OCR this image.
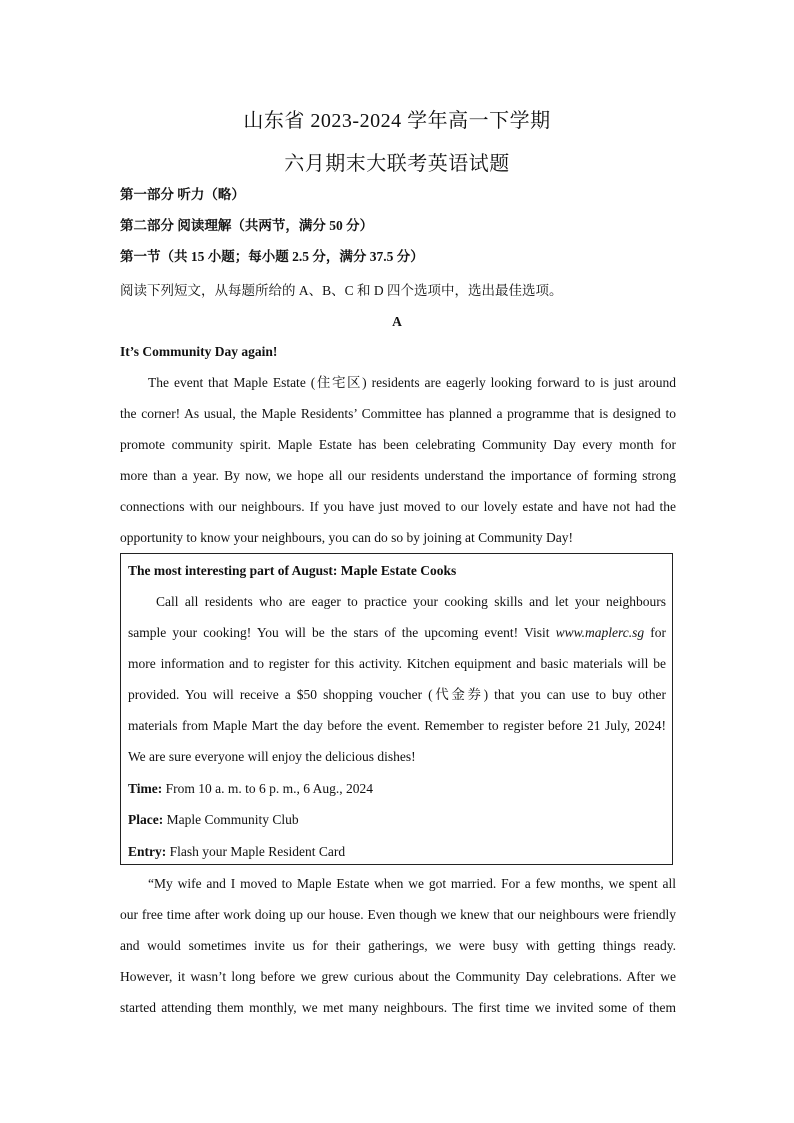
山东省 2023-2024 学年高一下学期
六月期末大联考英语试题
第一部分 听力（略）
第二部分 阅读理解（共两节，满分 50 分）
第一节（共 15 小题；每小题 2.5 分，满分 37.5 分）
阅读下列短文，从每题所给的 A、B、C 和 D 四个选项中，选出最佳选项。
A
It’s Community Day again!
The event that Maple Estate (住宅区) residents are eagerly looking forward to is just around
the corner! As usual, the Maple Residents’ Committee has planned a programme that is designed to
promote community spirit. Maple Estate has been celebrating Community Day every month for
more than a year. By now, we hope all our residents understand the importance of forming strong
connections with our neighbours. If you have just moved to our lovely estate and have not had the
opportunity to know your neighbours, you can do so by joining at Community Day!
The most interesting part of August: Maple Estate Cooks
Call all residents who are eager to practice your cooking skills and let your neighbours
sample your cooking! You will be the stars of the upcoming event! Visit www.maplerc.sg for
more information and to register for this activity. Kitchen equipment and basic materials will be
provided. You will receive a $50 shopping voucher (代金券) that you can use to buy other
materials from Maple Mart the day before the event. Remember to register before 21 July, 2024!
We are sure everyone will enjoy the delicious dishes!
Time: From 10 a. m. to 6 p. m., 6 Aug., 2024
Place: Maple Community Club
Entry: Flash your Maple Resident Card
“My wife and I moved to Maple Estate when we got married. For a few months, we spent all
our free time after work doing up our house. Even though we knew that our neighbours were friendly
and would sometimes invite us for their gatherings, we were busy with getting things ready.
However, it wasn’t long before we grew curious about the Community Day celebrations. After we
started attending them monthly, we met many neighbours. The first time we invited some of them
